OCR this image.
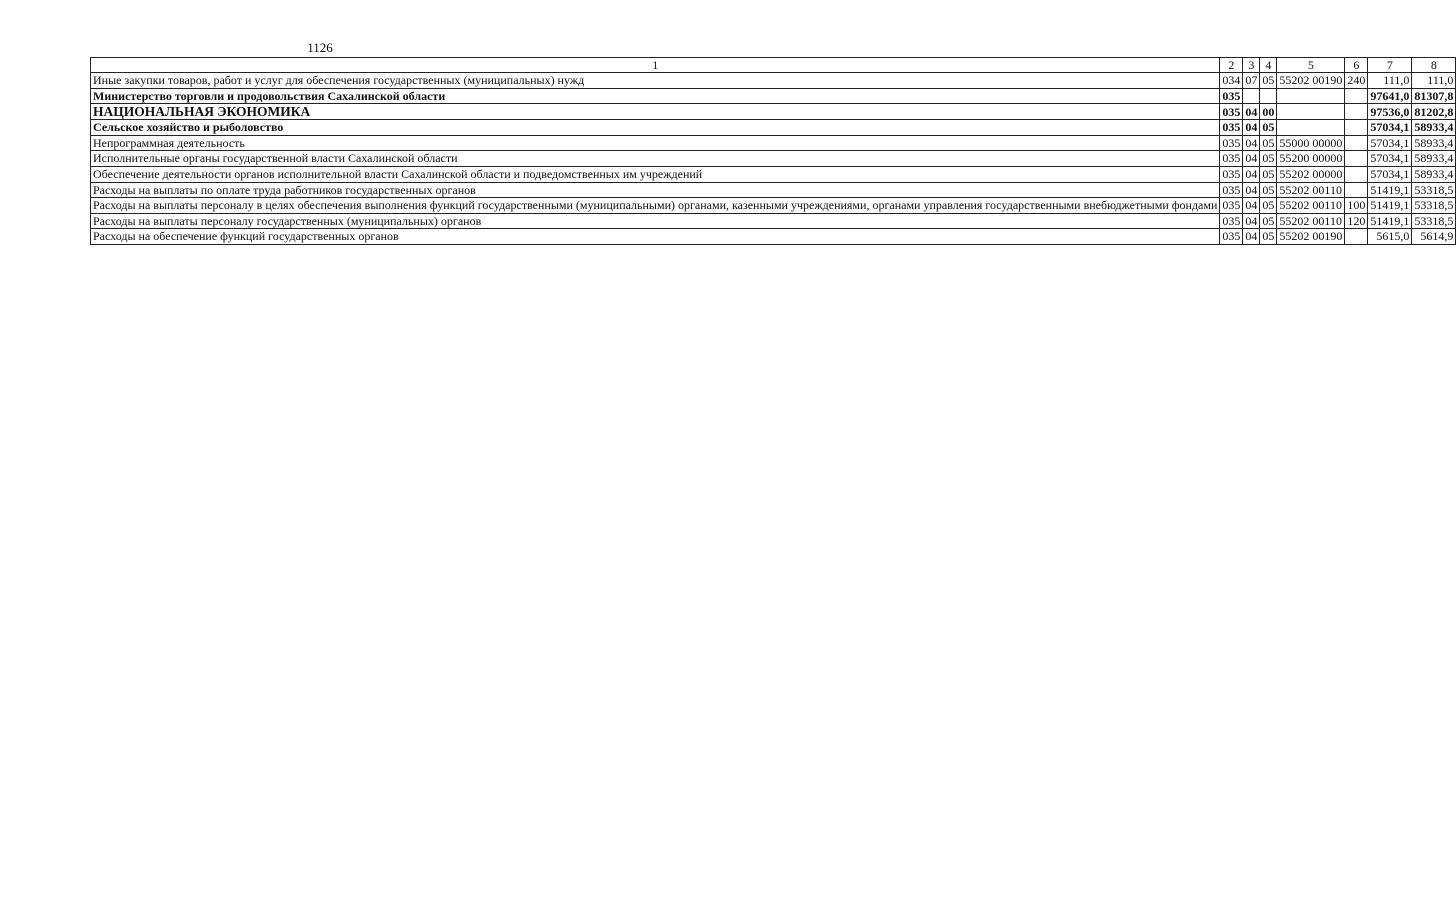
1126
1	2	3	4	5	6	7	8
Иные закупки товаров, работ и услуг для обеспечения государственных (муниципальных) нужд	034	07	05	55202 00190	240	111,0	111,0
Министерство торговли и продовольствия Сахалинской области	035					97641,0	81307,8
НАЦИОНАЛЬНАЯ ЭКОНОМИКА	035	04	00			97536,0	81202,8
Сельское хозяйство и рыболовство	035	04	05			57034,1	58933,4
Непрограммная деятельность	035	04	05	55000 00000		57034,1	58933,4
Исполнительные органы государственной власти Сахалинской области	035	04	05	55200 00000		57034,1	58933,4
Обеспечение деятельности органов исполнительной власти Сахалинской области и подведомственных им учреждений	035	04	05	55202 00000		57034,1	58933,4
Расходы на выплаты по оплате труда работников государственных органов	035	04	05	55202 00110		51419,1	53318,5
Расходы на выплаты персоналу в целях обеспечения выполнения функций государственными (муниципальными) органами, казенными учреждениями, органами управления государственными внебюджетными фондами	035	04	05	55202 00110	100	51419,1	53318,5
Расходы на выплаты персоналу государственных (муниципальных) органов	035	04	05	55202 00110	120	51419,1	53318,5
Расходы на обеспечение функций государственных органов	035	04	05	55202 00190		5615,0	5614,9
